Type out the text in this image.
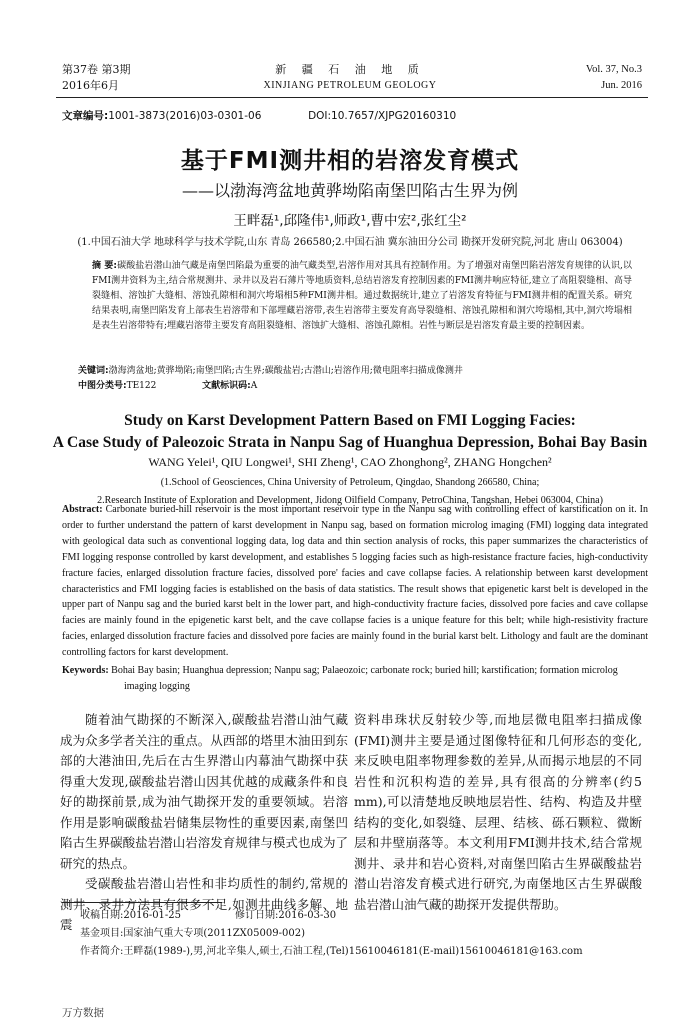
第37卷 第3期
2016年6月
新 疆 石 油 地 质
XINJIANG PETROLEUM GEOLOGY
Vol. 37, No.3
Jun. 2016
文章编号:1001-3873(2016)03-0301-06	DOI:10.7657/XJPG20160310
基于FMI测井相的岩溶发育模式
——以渤海湾盆地黄骅坳陷南堡凹陷古生界为例
王畔磊¹,邱隆伟¹,师政¹,曹中宏²,张红尘²
(1.中国石油大学 地球科学与技术学院,山东 青岛 266580;2.中国石油 冀东油田分公司 勘探开发研究院,河北 唐山 063004)
摘 要:碳酸盐岩潜山油气藏是南堡凹陷最为重要的油气藏类型,岩溶作用对其具有控制作用。为了增强对南堡凹陷岩溶发育规律的认识,以FMI测井资料为主,结合常规测井、录井以及岩石薄片等地质资料,总结岩溶发育控制因素的FMI测井响应特征,建立了高阻裂缝相、高导裂缝相、溶蚀扩大缝相、溶蚀孔隙相和洞穴垮塌相5种FMI测井相。通过数据统计,建立了岩溶发育特征与FMI测井相的配置关系。研究结果表明,南堡凹陷发育上部表生岩溶带和下部埋藏岩溶带,表生岩溶带主要发育高导裂缝相、溶蚀孔隙相和洞穴垮塌相,其中,洞穴垮塌相是表生岩溶带特有;埋藏岩溶带主要发育高阻裂缝相、溶蚀扩大缝相、溶蚀孔隙相。岩性与断层是岩溶发育最主要的控制因素。
关键词:渤海湾盆地;黄骅坳陷;南堡凹陷;古生界;碳酸盐岩;古潜山;岩溶作用;微电阻率扫描成像测井
中图分类号:TE122	文献标识码:A
Study on Karst Development Pattern Based on FMI Logging Facies:
A Case Study of Paleozoic Strata in Nanpu Sag of Huanghua Depression, Bohai Bay Basin
WANG Yelei¹, QIU Longwei¹, SHI Zheng¹, CAO Zhonghong², ZHANG Hongchen²
(1.School of Geosciences, China University of Petroleum, Qingdao, Shandong 266580, China;
2.Research Institute of Exploration and Development, Jidong Oilfield Company, PetroChina, Tangshan, Hebei 063004, China)
Abstract: Carbonate buried-hill reservoir is the most important reservoir type in the Nanpu sag with controlling effect of karstification on it. In order to further understand the pattern of karst development in Nanpu sag, based on formation microlog imaging (FMI) logging data integrated with geological data such as conventional logging data, log data and thin section analysis of rocks, this paper summarizes the characteristics of FMI logging response controlled by karst development, and establishes 5 logging facies such as high-resistance fracture facies, high-conductivity fracture facies, enlarged dissolution fracture facies, dissolved pore' facies and cave collapse facies. A relationship between karst development characteristics and FMI logging facies is established on the basis of data statistics. The result shows that epigenetic karst belt is developed in the upper part of Nanpu sag and the buried karst belt in the lower part, and high-conductivity fracture facies, dissolved pore facies and cave collapse facies are mainly found in the epigenetic karst belt, and the cave collapse facies is a unique feature for this belt; while high-resistivity fracture facies, enlarged dissolution fracture facies and dissolved pore facies are mainly found in the burial karst belt. Lithology and fault are the dominant controlling factors for karst development.
Keywords: Bohai Bay basin; Huanghua depression; Nanpu sag; Palaeozoic; carbonate rock; buried hill; karstification; formation microlog imaging logging

随着油气勘探的不断深入,碳酸盐岩潜山油气藏成为众多学者关注的重点。从西部的塔里木油田到东部的大港油田,先后在古生界潜山内幕油气勘探中获得重大发现,碳酸盐岩潜山因其优越的成藏条件和良好的勘探前景,成为油气勘探开发的重要领域。岩溶作用是影响碳酸盐岩储集层物性的重要因素,南堡凹陷古生界碳酸盐岩潜山岩溶发育规律与模式也成为了研究的热点。

受碳酸盐岩潜山岩性和非均质性的制约,常规的测井、录井方法具有很多不足,如测井曲线多解、地震

资料串珠状反射较少等,而地层微电阻率扫描成像(FMI)测井主要是通过图像特征和几何形态的变化,来反映电阻率物理参数的差异,从而揭示地层的不同岩性和沉积构造的差异,具有很高的分辨率(约5 mm),可以清楚地反映地层岩性、结构、构造及井壁结构的变化,如裂缝、层理、结核、砾石颗粒、微断层和井壁崩落等。本文利用FMI测井技术,结合常规测井、录井和岩心资料,对南堡凹陷古生界碳酸盐岩潜山岩溶发育模式进行研究,为南堡地区古生界碳酸盐岩潜山油气藏的勘探开发提供帮助。

收稿日期:2016-01-25	修订日期:2016-03-30
基金项目:国家油气重大专项(2011ZX05009-002)
作者简介:王畔磊(1989-),男,河北辛集人,硕士,石油工程,(Tel)15610046181(E-mail)15610046181@163.com
万方数据
